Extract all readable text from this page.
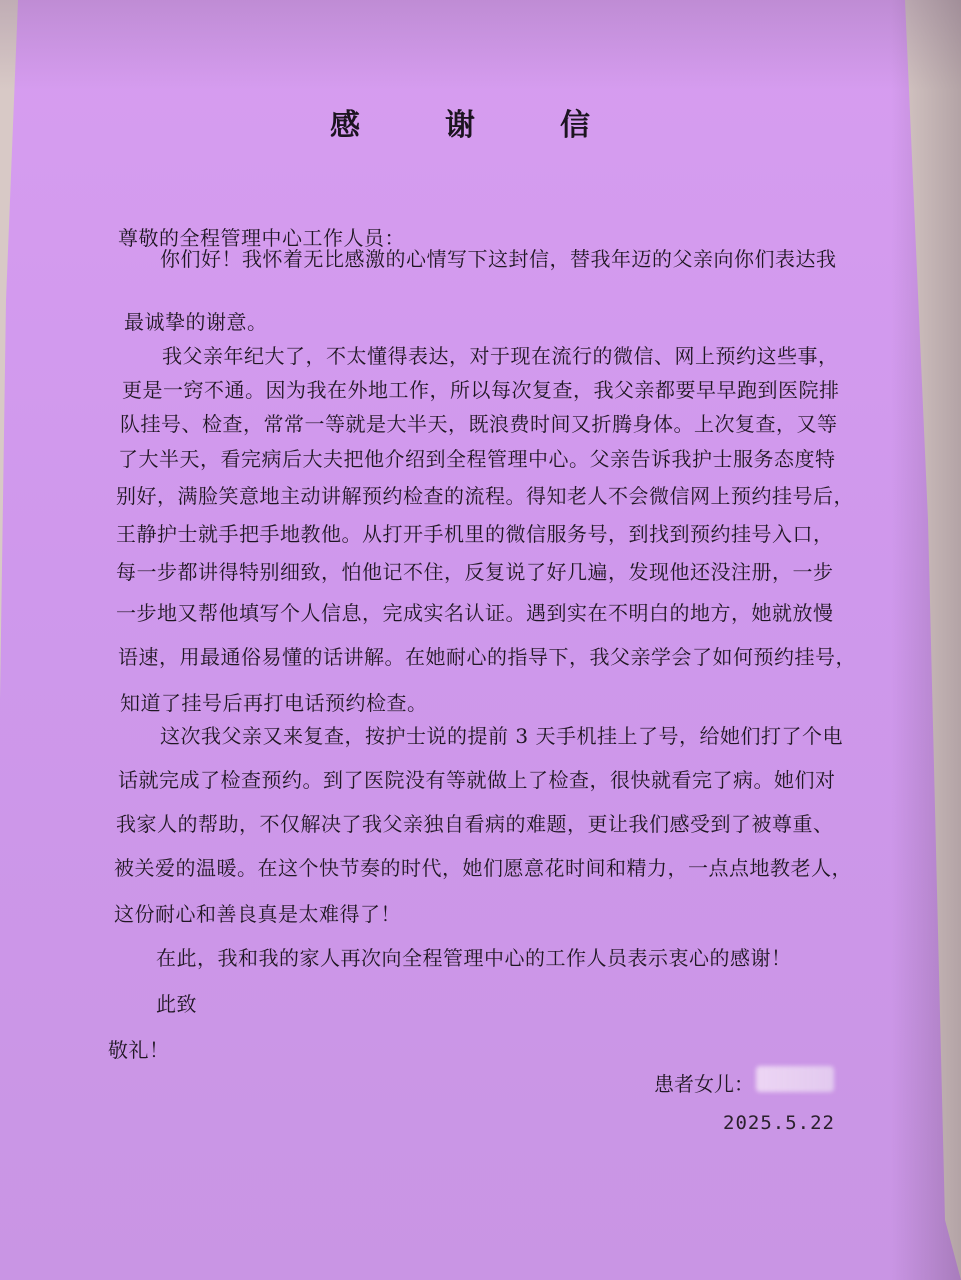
感	谢	信
尊敬的全程管理中心工作人员：
你们好！我怀着无比感激的心情写下这封信，替我年迈的父亲向你们表达我
最诚挚的谢意。
我父亲年纪大了，不太懂得表达，对于现在流行的微信、网上预约这些事，
更是一窍不通。因为我在外地工作，所以每次复查，我父亲都要早早跑到医院排
队挂号、检查，常常一等就是大半天，既浪费时间又折腾身体。上次复查，又等
了大半天，看完病后大夫把他介绍到全程管理中心。父亲告诉我护士服务态度特
别好，满脸笑意地主动讲解预约检查的流程。得知老人不会微信网上预约挂号后，
王静护士就手把手地教他。从打开手机里的微信服务号，到找到预约挂号入口，
每一步都讲得特别细致，怕他记不住，反复说了好几遍，发现他还没注册，一步
一步地又帮他填写个人信息，完成实名认证。遇到实在不明白的地方，她就放慢
语速，用最通俗易懂的话讲解。在她耐心的指导下，我父亲学会了如何预约挂号，
知道了挂号后再打电话预约检查。
这次我父亲又来复查，按护士说的提前 3 天手机挂上了号，给她们打了个电
话就完成了检查预约。到了医院没有等就做上了检查，很快就看完了病。她们对
我家人的帮助，不仅解决了我父亲独自看病的难题，更让我们感受到了被尊重、
被关爱的温暖。在这个快节奏的时代，她们愿意花时间和精力，一点点地教老人，
这份耐心和善良真是太难得了！
在此，我和我的家人再次向全程管理中心的工作人员表示衷心的感谢！
此致
敬礼！
患者女儿：
2025.5.22
